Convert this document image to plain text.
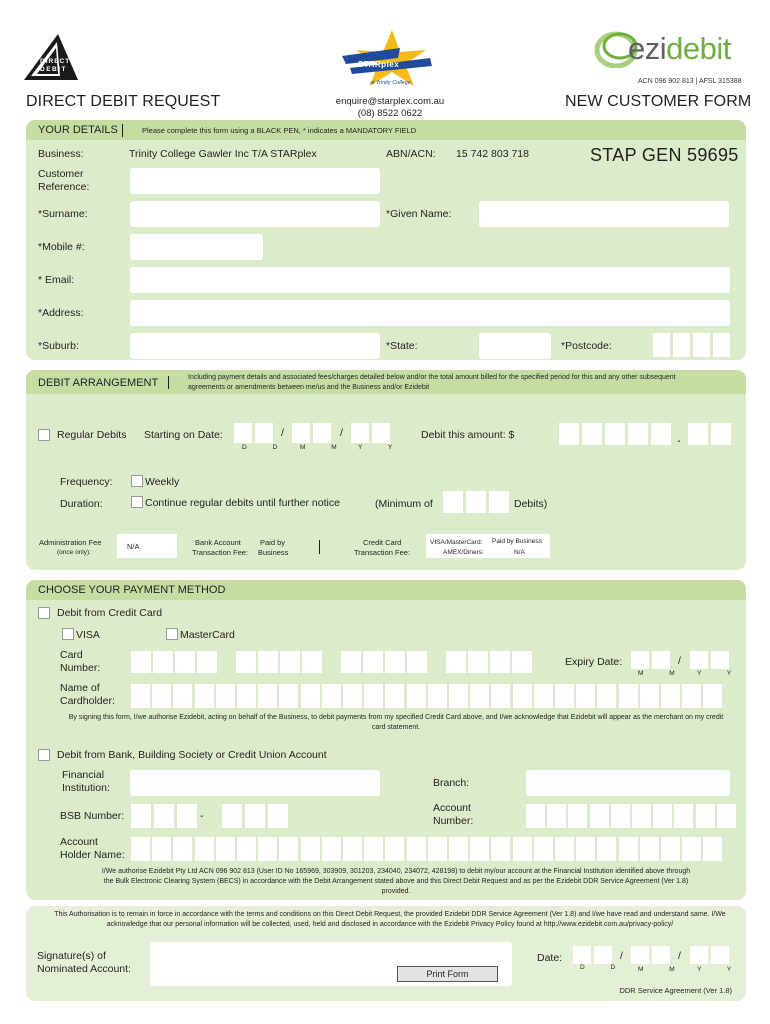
DIRECT
DEBIT
STARplex
at Trinity College
ezidebit
ACN 096 902 813 | AFSL 315388
DIRECT DEBIT REQUEST	enquire@starplex.com.au
(08) 8522 0622
NEW CUSTOMER FORM
YOUR DETAILS	Please complete this form using a BLACK PEN, * indicates a MANDATORY FIELD
Business:	Trinity College Gawler Inc T/A STARplex	ABN/ACN: 15 742 803 718	STAP GEN 59695
Customer Reference:
*Surname:	*Given Name:
*Mobile #:
* Email:
*Address:
*Suburb:	*State:	*Postcode:
DEBIT ARRANGEMENT	Including payment details and associated fees/charges detailed below and/or the total amount billed for the specified period for this and any other subsequent agreements or amendments between me/us and the Business and/or Ezidebit
Regular Debits Starting on Date:	/	/
D D M M Y Y
Debit this amount: $	.
Frequency:	Weekly
Duration:	Continue regular debits until further notice	(Minimum of	Debits)
Administration Fee
(once only):
N/A	Bank Account
Transaction Fee:
Paid by
Business
Credit Card
Transaction Fee:
VISA/MasterCard: Paid by Business
AMEX/Diners:	N/A
CHOOSE YOUR PAYMENT METHOD
Debit from Credit Card
VISA	MasterCard
Card Number:	Expiry Date:	/
M M Y Y
Name of Cardholder:
By signing this form, I/we authorise Ezidebit, acting on behalf of the Business, to debit payments from my specified Credit Card above, and I/we acknowledge that Ezidebit will appear as the merchant on my credit card statement.
Debit from Bank, Building Society or Credit Union Account
Financial Institution:	Branch:
BSB Number:	-
Account Number:
Account Holder Name:
I/We authorise Ezidebit Pty Ltd ACN 096 902 813 (User ID No 165969, 303909, 301203, 234040, 234072, 428198) to debit my/our account at the Financial Institution identified above through the Bulk Electronic Clearing System (BECS) in accordance with the Debit Arrangement stated above and this Direct Debit Request and as per the Ezidebit DDR Service Agreement (Ver 1.8) provided.
This Authorisation is to remain in force in accordance with the terms and conditions on this Direct Debit Request, the provided Ezidebit DDR Service Agreement (Ver 1.8) and I/we have read and understand same. I/We acknowledge that our personal information will be collected, used, held and disclosed in accordance with the Ezidebit Privacy Policy found at http://www.ezidebit.com.au/privacy-policy/
Signature(s) of Nominated Account:
Date:	/	/
D D M M Y Y
Print Form
DDR Service Agreement (Ver 1.8)
